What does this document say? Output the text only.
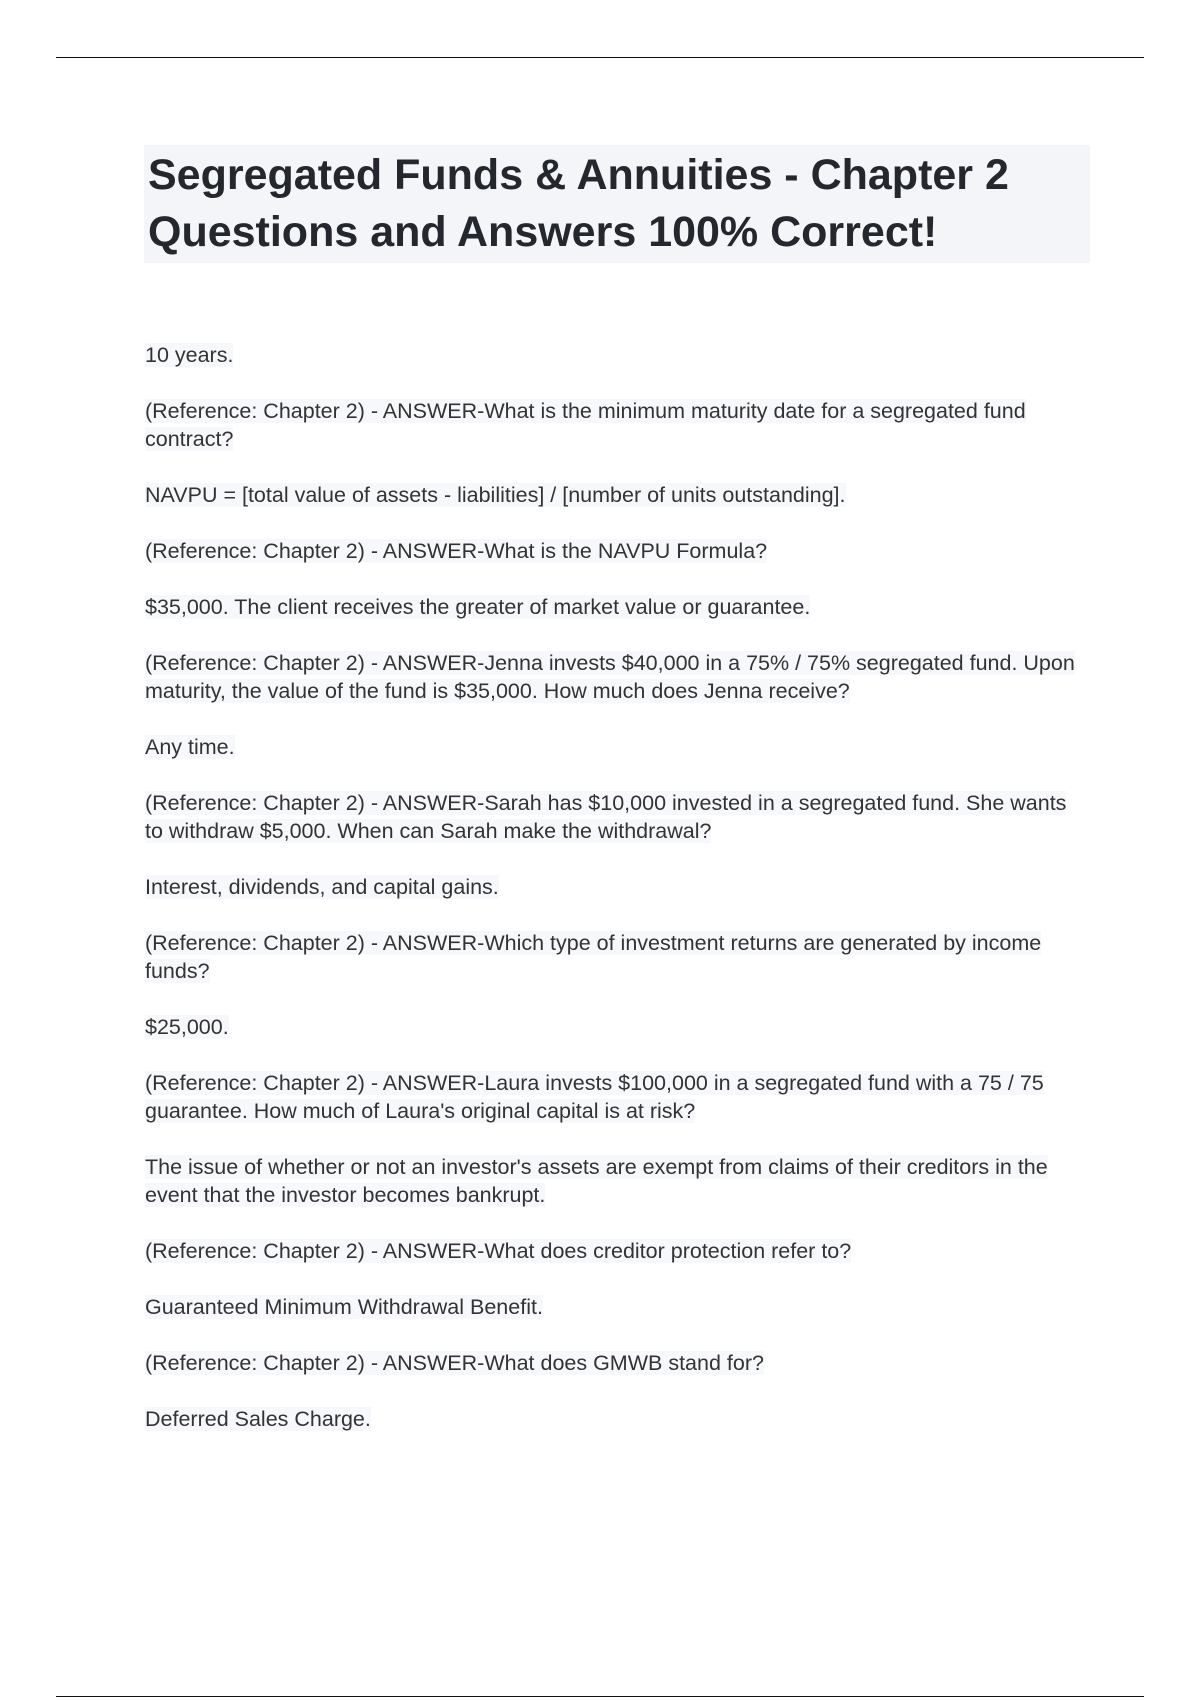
Segregated Funds & Annuities - Chapter 2 Questions and Answers 100% Correct!

10 years.

(Reference: Chapter 2) - ANSWER-What is the minimum maturity date for a segregated fund contract?

NAVPU = [total value of assets - liabilities] / [number of units outstanding].

(Reference: Chapter 2) - ANSWER-What is the NAVPU Formula?

$35,000. The client receives the greater of market value or guarantee.

(Reference: Chapter 2) - ANSWER-Jenna invests $40,000 in a 75% / 75% segregated fund. Upon maturity, the value of the fund is $35,000. How much does Jenna receive?

Any time.

(Reference: Chapter 2) - ANSWER-Sarah has $10,000 invested in a segregated fund. She wants to withdraw $5,000. When can Sarah make the withdrawal?

Interest, dividends, and capital gains.

(Reference: Chapter 2) - ANSWER-Which type of investment returns are generated by income funds?

$25,000.

(Reference: Chapter 2) - ANSWER-Laura invests $100,000 in a segregated fund with a 75 / 75 guarantee. How much of Laura's original capital is at risk?

The issue of whether or not an investor's assets are exempt from claims of their creditors in the event that the investor becomes bankrupt.

(Reference: Chapter 2) - ANSWER-What does creditor protection refer to?

Guaranteed Minimum Withdrawal Benefit.

(Reference: Chapter 2) - ANSWER-What does GMWB stand for?

Deferred Sales Charge.
